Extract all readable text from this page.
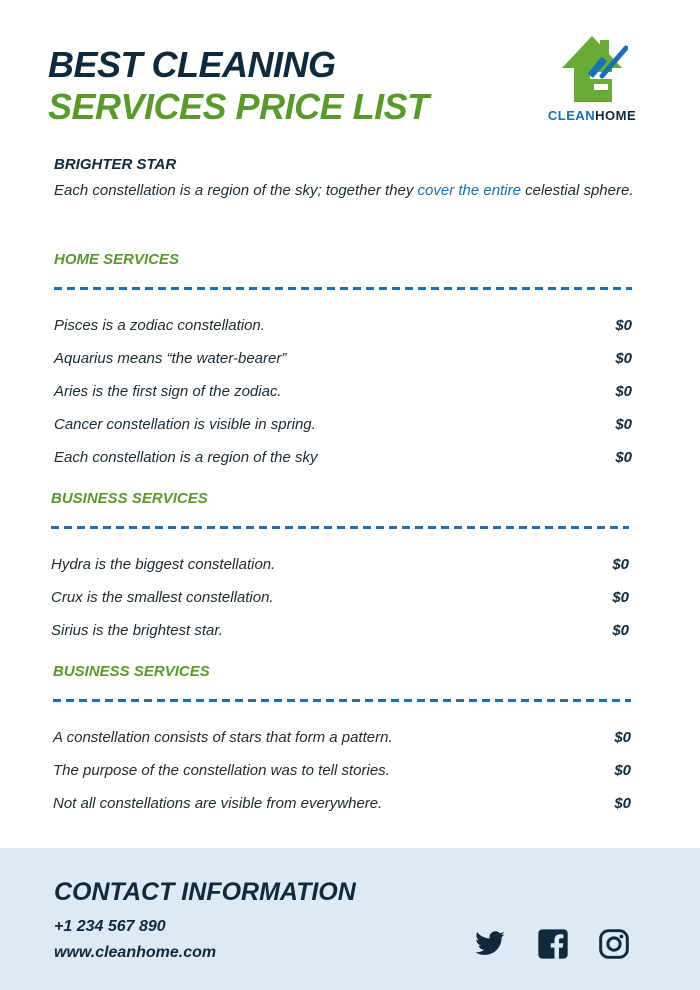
BEST CLEANING
SERVICES PRICE LIST	CLEANHOME
BRIGHTER STAR
Each constellation is a region of the sky; together they cover the entire celestial sphere.
HOME SERVICES
Pisces is a zodiac constellation.	$0
Aquarius means “the water-bearer”	$0
Aries is the first sign of the zodiac.	$0
Cancer constellation is visible in spring.	$0
Each constellation is a region of the sky	$0
BUSINESS SERVICES
Hydra is the biggest constellation.	$0
Crux is the smallest constellation.	$0
Sirius is the brightest star.	$0
BUSINESS SERVICES
A constellation consists of stars that form a pattern.	$0
The purpose of the constellation was to tell stories.	$0
Not all constellations are visible from everywhere.	$0
CONTACT INFORMATION
+1 234 567 890
www.cleanhome.com
